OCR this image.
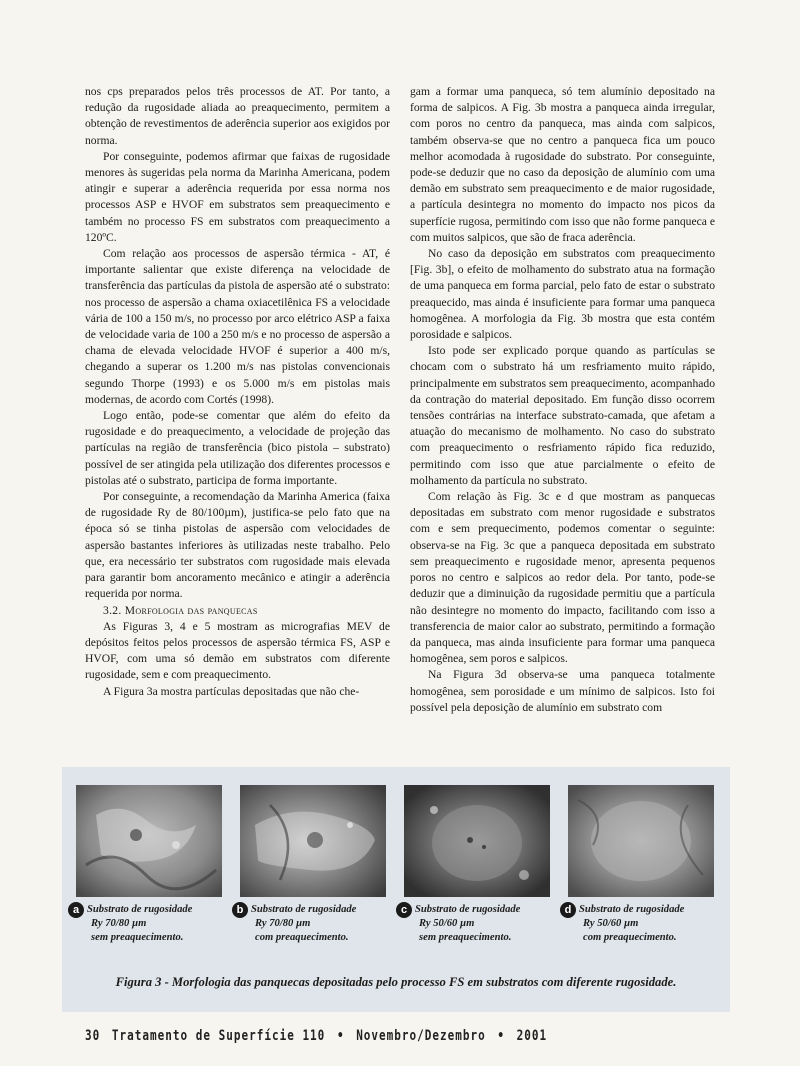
nos cps preparados pelos três processos de AT. Por tanto, a redução da rugosidade aliada ao preaquecimento, permitem a obtenção de revestimentos de aderência superior aos exigidos por norma.

Por conseguinte, podemos afirmar que faixas de rugosidade menores às sugeridas pela norma da Marinha Americana, podem atingir e superar a aderência requerida por essa norma nos processos ASP e HVOF em substratos sem preaquecimento e também no processo FS em substratos com preaquecimento a 120ºC.

Com relação aos processos de aspersão térmica - AT, é importante salientar que existe diferença na velocidade de transferência das partículas da pistola de aspersão até o substrato: nos processo de aspersão a chama oxiacetilênica FS a velocidade vária de 100 a 150 m/s, no processo por arco elétrico ASP a faixa de velocidade varia de 100 a 250 m/s e no processo de aspersão a chama de elevada velocidade HVOF é superior a 400 m/s, chegando a superar os 1.200 m/s nas pistolas convencionais segundo Thorpe (1993) e os 5.000 m/s em pistolas mais modernas, de acordo com Cortés (1998).

Logo então, pode-se comentar que além do efeito da rugosidade e do preaquecimento, a velocidade de projeção das partículas na região de transferência (bico pistola – substrato) possível de ser atingida pela utilização dos diferentes processos e pistolas até o substrato, participa de forma importante.

Por conseguinte, a recomendação da Marinha America (faixa de rugosidade Ry de 80/100µm), justifica-se pelo fato que na época só se tinha pistolas de aspersão com velocidades de aspersão bastantes inferiores às utilizadas neste trabalho. Pelo que, era necessário ter substratos com rugosidade mais elevada para garantir bom ancoramento mecânico e atingir a aderência requerida por norma.

3.2. Morfologia das panquecas

As Figuras 3, 4 e 5 mostram as micrografias MEV de depósitos feitos pelos processos de aspersão térmica FS, ASP e HVOF, com uma só demão em substratos com diferente rugosidade, sem e com preaquecimento.

A Figura 3a mostra partículas depositadas que não che-

gam a formar uma panqueca, só tem alumínio depositado na forma de salpicos. A Fig. 3b mostra a panqueca ainda irregular, com poros no centro da panqueca, mas ainda com salpicos, também observa-se que no centro a panqueca fica um pouco melhor acomodada à rugosidade do substrato. Por conseguinte, pode-se deduzir que no caso da deposição de alumínio com uma demão em substrato sem preaquecimento e de maior rugosidade, a partícula desintegra no momento do impacto nos picos da superfície rugosa, permitindo com isso que não forme panqueca e com muitos salpicos, que são de fraca aderência.

No caso da deposição em substratos com preaquecimento [Fig. 3b], o efeito de molhamento do substrato atua na formação de uma panqueca em forma parcial, pelo fato de estar o substrato preaquecido, mas ainda é insuficiente para formar uma panqueca homogênea. A morfologia da Fig. 3b mostra que esta contém porosidade e salpicos.

Isto pode ser explicado porque quando as partículas se chocam com o substrato há um resfriamento muito rápido, principalmente em substratos sem preaquecimento, acompanhado da contração do material depositado. Em função disso ocorrem tensões contrárias na interface substrato-camada, que afetam a atuação do mecanismo de molhamento. No caso do substrato com preaquecimento o resfriamento rápido fica reduzido, permitindo com isso que atue parcialmente o efeito de molhamento da partícula no substrato.

Com relação às Fig. 3c e d que mostram as panquecas depositadas em substrato com menor rugosidade e substratos com e sem prequecimento, podemos comentar o seguinte: observa-se na Fig. 3c que a panqueca depositada em substrato sem preaquecimento e rugosidade menor, apresenta pequenos poros no centro e salpicos ao redor dela. Por tanto, pode-se deduzir que a diminuição da rugosidade permitiu que a partícula não desintegre no momento do impacto, facilitando com isso a transferencia de maior calor ao substrato, permitindo a formação da panqueca, mas ainda insuficiente para formar uma panqueca homogênea, sem poros e salpicos.

Na Figura 3d observa-se uma panqueca totalmente homogênea, sem porosidade e um mínimo de salpicos. Isto foi possível pela deposição de alumínio em substrato com

a Substrato de rugosidade
Ry 70/80 µm
sem preaquecimento.
b Substrato de rugosidade
Ry 70/80 µm
com preaquecimento.
c Substrato de rugosidade
Ry 50/60 µm
sem preaquecimento.
d Substrato de rugosidade
Ry 50/60 µm
com preaquecimento.
Figura 3 - Morfologia das panquecas depositadas pelo processo FS em substratos com diferente rugosidade.
30 Tratamento de Superfície 110 • Novembro/Dezembro • 2001
